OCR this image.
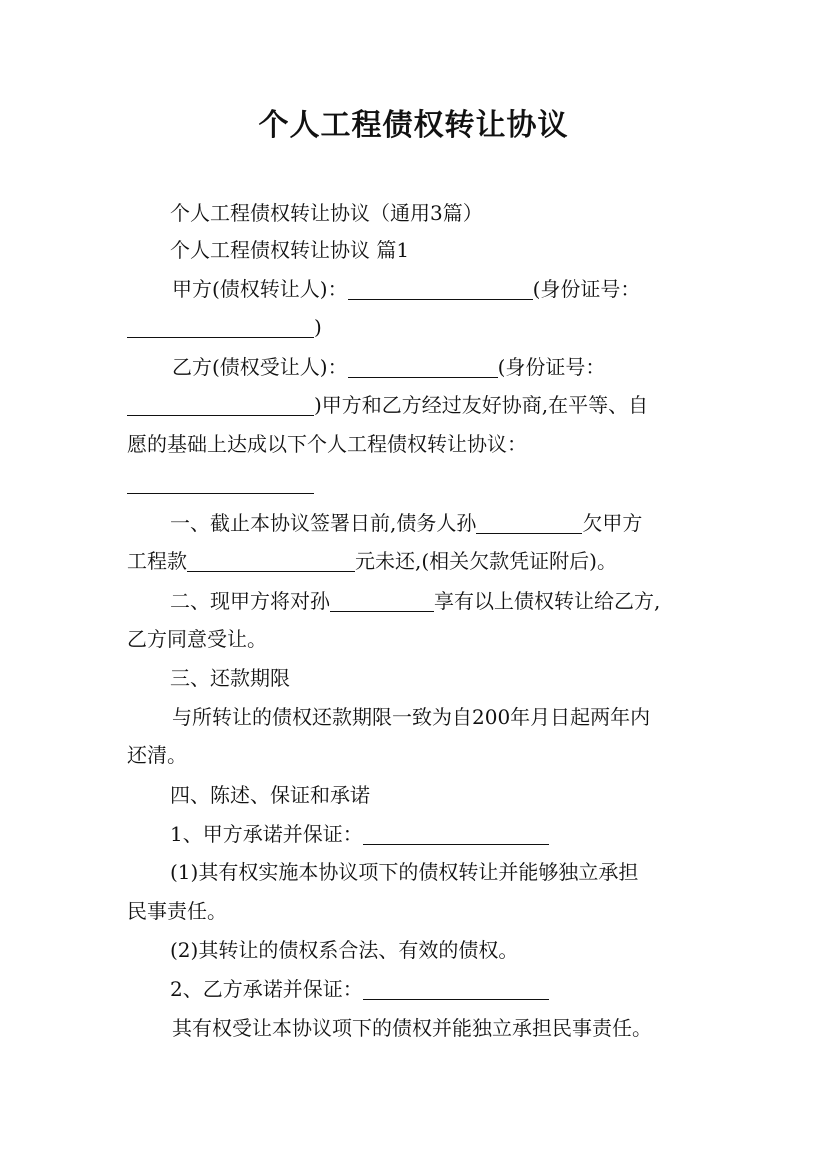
个人工程债权转让协议
个人工程债权转让协议（通用3篇）
个人工程债权转让协议 篇1
甲方(债权转让人)：	(身份证号：
)
乙方(债权受让人)：	(身份证号：
)甲方和乙方经过友好协商,在平等、自
愿的基础上达成以下个人工程债权转让协议：
一、截止本协议签署日前,债务人孙	欠甲方
工程款	元未还,(相关欠款凭证附后)。
二、现甲方将对孙	享有以上债权转让给乙方,
乙方同意受让。
三、还款期限
与所转让的债权还款期限一致为自200年月日起两年内
还清。
四、陈述、保证和承诺
1、甲方承诺并保证：
(1)其有权实施本协议项下的债权转让并能够独立承担
民事责任。
(2)其转让的债权系合法、有效的债权。
2、乙方承诺并保证：
其有权受让本协议项下的债权并能独立承担民事责任。
